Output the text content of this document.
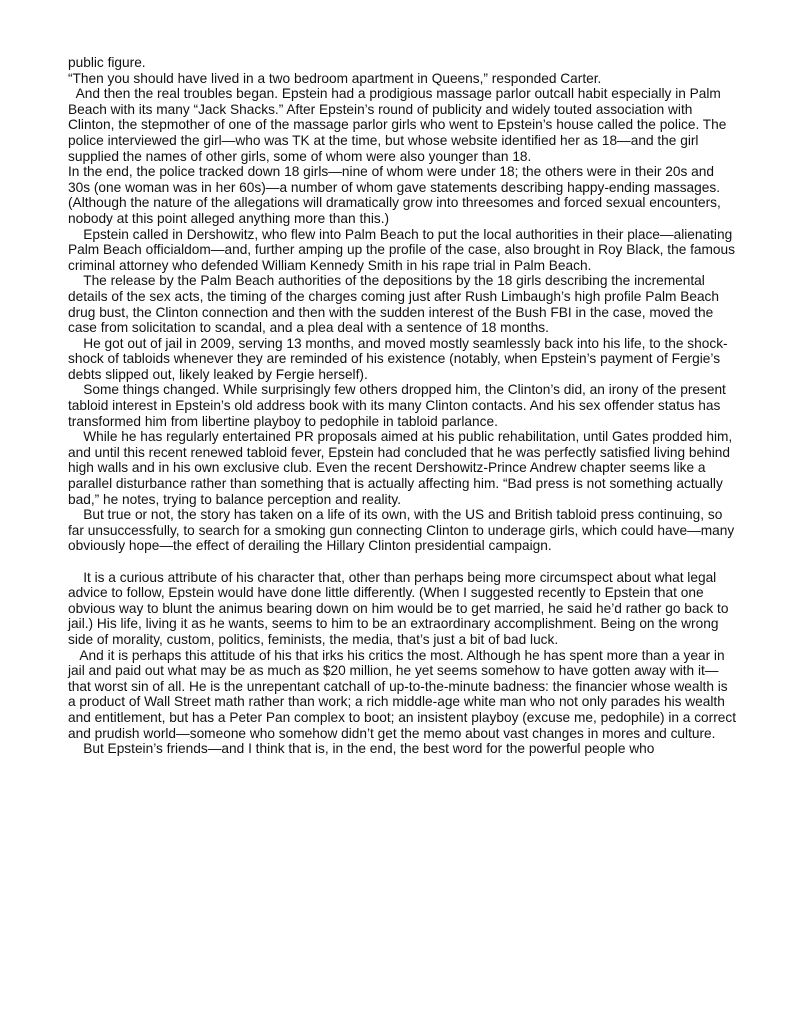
public figure.

“Then you should have lived in a two bedroom apartment in Queens,” responded Carter.

And then the real troubles began. Epstein had a prodigious massage parlor outcall habit especially in Palm Beach with its many “Jack Shacks.” After Epstein’s round of publicity and widely touted association with Clinton, the stepmother of one of the massage parlor girls who went to Epstein’s house called the police. The police interviewed the girl—who was TK at the time, but whose website identified her as 18—and the girl supplied the names of other girls, some of whom were also younger than 18.

In the end, the police tracked down 18 girls—nine of whom were under 18; the others were in their 20s and 30s (one woman was in her 60s)—a number of whom gave statements describing happy-ending massages. (Although the nature of the allegations will dramatically grow into threesomes and forced sexual encounters, nobody at this point alleged anything more than this.)

Epstein called in Dershowitz, who flew into Palm Beach to put the local authorities in their place—alienating Palm Beach officialdom—and, further amping up the profile of the case, also brought in Roy Black, the famous criminal attorney who defended William Kennedy Smith in his rape trial in Palm Beach.

The release by the Palm Beach authorities of the depositions by the 18 girls describing the incremental details of the sex acts, the timing of the charges coming just after Rush Limbaugh’s high profile Palm Beach drug bust, the Clinton connection and then with the sudden interest of the Bush FBI in the case, moved the case from solicitation to scandal, and a plea deal with a sentence of 18 months.

He got out of jail in 2009, serving 13 months, and moved mostly seamlessly back into his life, to the shock-shock of tabloids whenever they are reminded of his existence (notably, when Epstein’s payment of Fergie’s debts slipped out, likely leaked by Fergie herself).

Some things changed. While surprisingly few others dropped him, the Clinton’s did, an irony of the present tabloid interest in Epstein’s old address book with its many Clinton contacts. And his sex offender status has transformed him from libertine playboy to pedophile in tabloid parlance.

While he has regularly entertained PR proposals aimed at his public rehabilitation, until Gates prodded him, and until this recent renewed tabloid fever, Epstein had concluded that he was perfectly satisfied living behind high walls and in his own exclusive club. Even the recent Dershowitz-Prince Andrew chapter seems like a parallel disturbance rather than something that is actually affecting him. “Bad press is not something actually bad,” he notes, trying to balance perception and reality.

But true or not, the story has taken on a life of its own, with the US and British tabloid press continuing, so far unsuccessfully, to search for a smoking gun connecting Clinton to underage girls, which could have—many obviously hope—the effect of derailing the Hillary Clinton presidential campaign.

It is a curious attribute of his character that, other than perhaps being more circumspect about what legal advice to follow, Epstein would have done little differently. (When I suggested recently to Epstein that one obvious way to blunt the animus bearing down on him would be to get married, he said he’d rather go back to jail.) His life, living it as he wants, seems to him to be an extraordinary accomplishment. Being on the wrong side of morality, custom, politics, feminists, the media, that’s just a bit of bad luck.

And it is perhaps this attitude of his that irks his critics the most. Although he has spent more than a year in jail and paid out what may be as much as $20 million, he yet seems somehow to have gotten away with it—that worst sin of all. He is the unrepentant catchall of up-to-the-minute badness: the financier whose wealth is a product of Wall Street math rather than work; a rich middle-age white man who not only parades his wealth and entitlement, but has a Peter Pan complex to boot; an insistent playboy (excuse me, pedophile) in a correct and prudish world—someone who somehow didn’t get the memo about vast changes in mores and culture.

But Epstein’s friends—and I think that is, in the end, the best word for the powerful people who
